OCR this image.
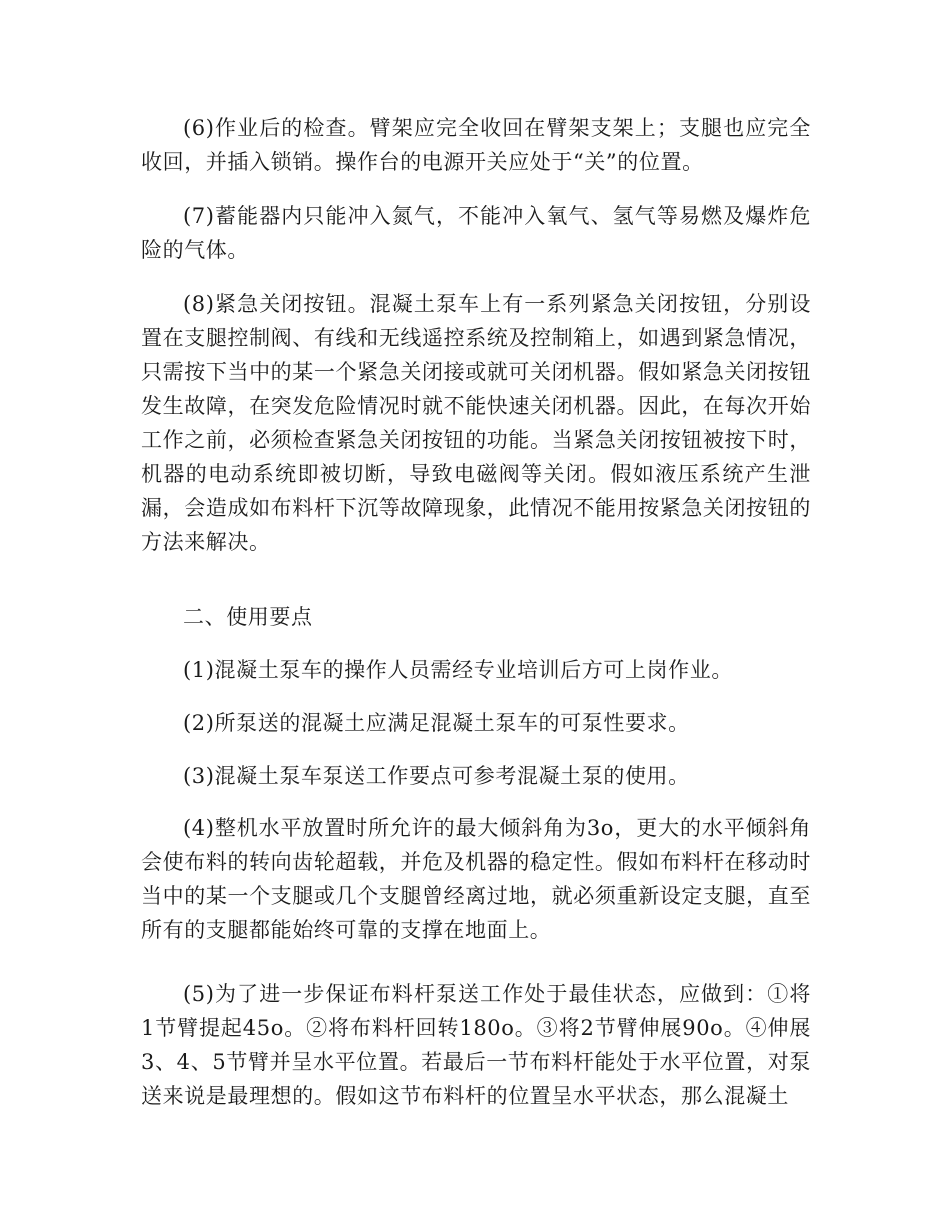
(6)作业后的检查。臂架应完全收回在臂架支架上；支腿也应完全收回，并插入锁销。操作台的电源开关应处于“关”的位置。

(7)蓄能器内只能冲入氮气，不能冲入氧气、氢气等易燃及爆炸危险的气体。

(8)紧急关闭按钮。混凝土泵车上有一系列紧急关闭按钮，分别设置在支腿控制阀、有线和无线遥控系统及控制箱上，如遇到紧急情况，只需按下当中的某一个紧急关闭接或就可关闭机器。假如紧急关闭按钮发生故障，在突发危险情况时就不能快速关闭机器。因此，在每次开始工作之前，必须检查紧急关闭按钮的功能。当紧急关闭按钮被按下时，机器的电动系统即被切断，导致电磁阀等关闭。假如液压系统产生泄漏，会造成如布料杆下沉等故障现象，此情况不能用按紧急关闭按钮的方法来解决。

二、使用要点

(1)混凝土泵车的操作人员需经专业培训后方可上岗作业。

(2)所泵送的混凝土应满足混凝土泵车的可泵性要求。

(3)混凝土泵车泵送工作要点可参考混凝土泵的使用。

(4)整机水平放置时所允许的最大倾斜角为3o，更大的水平倾斜角会使布料的转向齿轮超载，并危及机器的稳定性。假如布料杆在移动时当中的某一个支腿或几个支腿曾经离过地，就必须重新设定支腿，直至所有的支腿都能始终可靠的支撑在地面上。

(5)为了进一步保证布料杆泵送工作处于最佳状态，应做到：①将1节臂提起45o。②将布料杆回转180o。③将2节臂伸展90o。④伸展3、4、5节臂并呈水平位置。若最后一节布料杆能处于水平位置，对泵送来说是最理想的。假如这节布料杆的位置呈水平状态，那么混凝土
